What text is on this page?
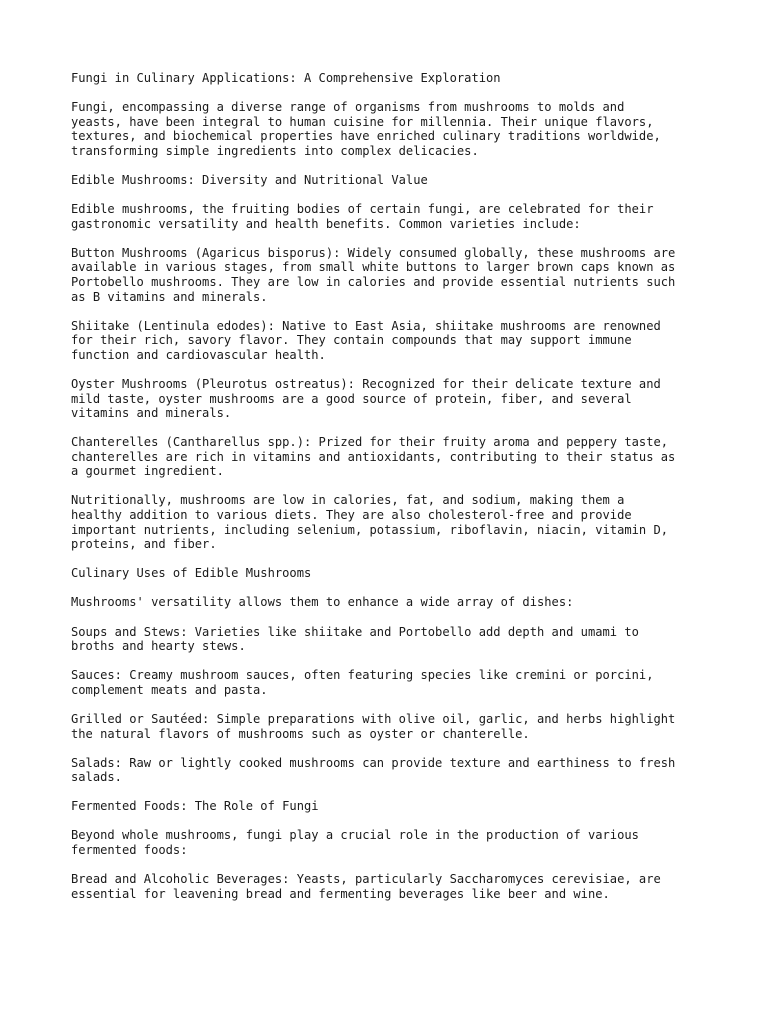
Fungi in Culinary Applications: A Comprehensive Exploration

Fungi, encompassing a diverse range of organisms from mushrooms to molds and
yeasts, have been integral to human cuisine for millennia. Their unique flavors,
textures, and biochemical properties have enriched culinary traditions worldwide,
transforming simple ingredients into complex delicacies.

Edible Mushrooms: Diversity and Nutritional Value

Edible mushrooms, the fruiting bodies of certain fungi, are celebrated for their
gastronomic versatility and health benefits. Common varieties include:

Button Mushrooms (Agaricus bisporus): Widely consumed globally, these mushrooms are
available in various stages, from small white buttons to larger brown caps known as
Portobello mushrooms. They are low in calories and provide essential nutrients such
as B vitamins and minerals.

Shiitake (Lentinula edodes): Native to East Asia, shiitake mushrooms are renowned
for their rich, savory flavor. They contain compounds that may support immune
function and cardiovascular health.

Oyster Mushrooms (Pleurotus ostreatus): Recognized for their delicate texture and
mild taste, oyster mushrooms are a good source of protein, fiber, and several
vitamins and minerals.

Chanterelles (Cantharellus spp.): Prized for their fruity aroma and peppery taste,
chanterelles are rich in vitamins and antioxidants, contributing to their status as
a gourmet ingredient.

Nutritionally, mushrooms are low in calories, fat, and sodium, making them a
healthy addition to various diets. They are also cholesterol-free and provide
important nutrients, including selenium, potassium, riboflavin, niacin, vitamin D,
proteins, and fiber.

Culinary Uses of Edible Mushrooms

Mushrooms' versatility allows them to enhance a wide array of dishes:

Soups and Stews: Varieties like shiitake and Portobello add depth and umami to
broths and hearty stews.

Sauces: Creamy mushroom sauces, often featuring species like cremini or porcini,
complement meats and pasta.

Grilled or Sautéed: Simple preparations with olive oil, garlic, and herbs highlight
the natural flavors of mushrooms such as oyster or chanterelle.

Salads: Raw or lightly cooked mushrooms can provide texture and earthiness to fresh
salads.

Fermented Foods: The Role of Fungi

Beyond whole mushrooms, fungi play a crucial role in the production of various
fermented foods:

Bread and Alcoholic Beverages: Yeasts, particularly Saccharomyces cerevisiae, are
essential for leavening bread and fermenting beverages like beer and wine.
